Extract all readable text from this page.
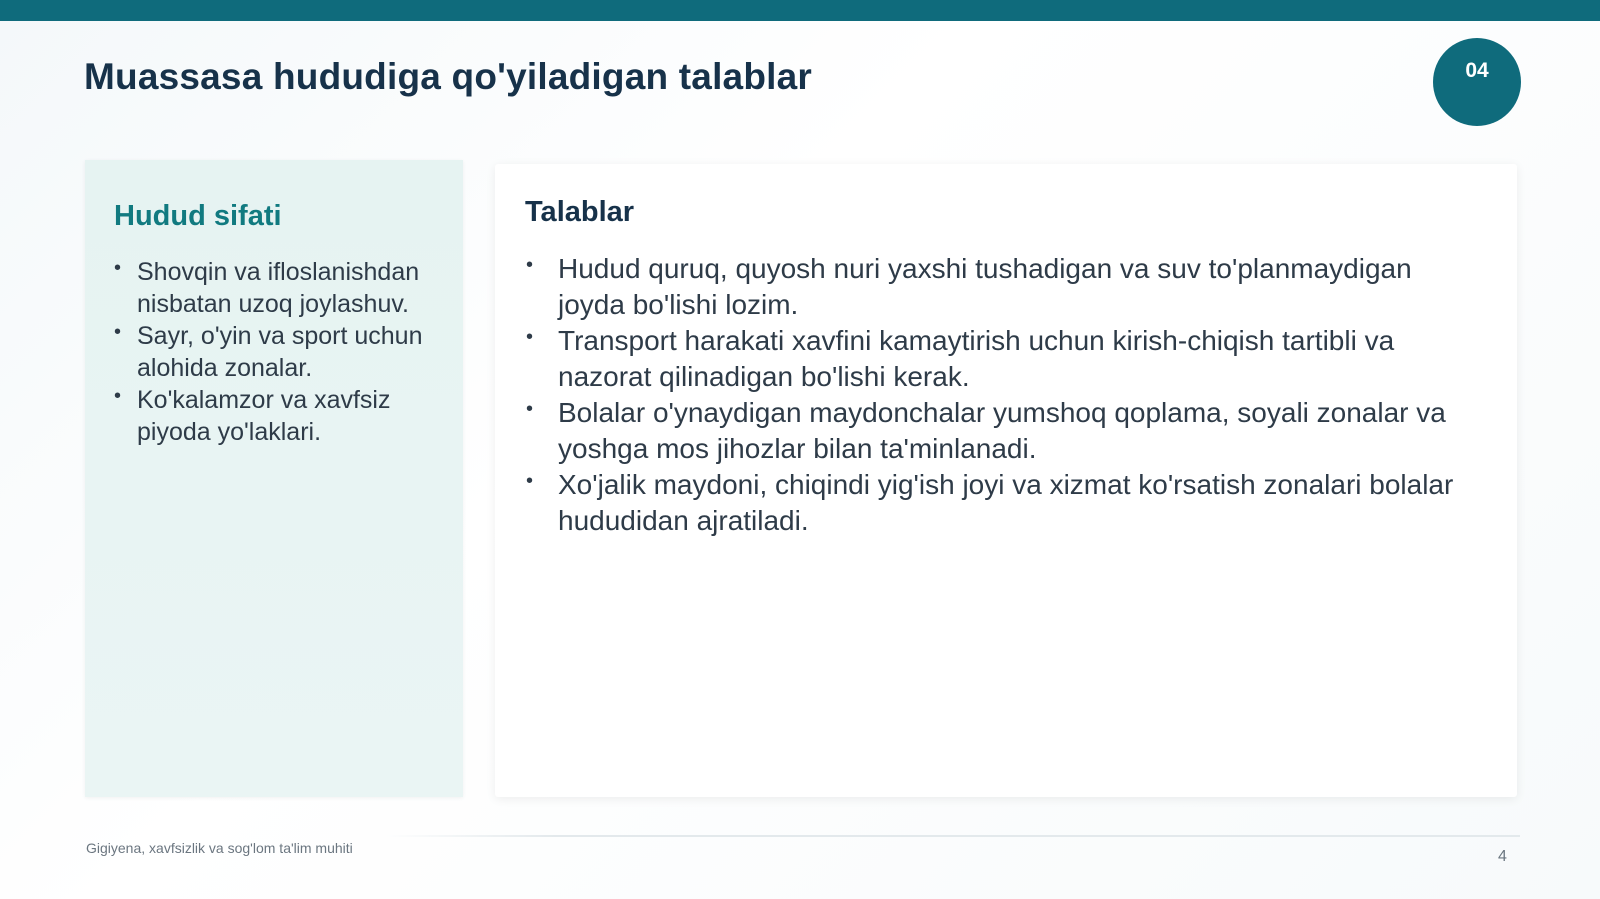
Muassasa hududiga qo'yiladigan talablar	04
Hudud sifati
• Shovqin va ifloslanishdan nisbatan uzoq joylashuv.
• Sayr, o'yin va sport uchun alohida zonalar.
• Ko'kalamzor va xavfsiz piyoda yo'laklari.
Talablar
• Hudud quruq, quyosh nuri yaxshi tushadigan va suv to'planmaydigan joyda bo'lishi lozim.
• Transport harakati xavfini kamaytirish uchun kirish-chiqish tartibli va nazorat qilinadigan bo'lishi kerak.
• Bolalar o'ynaydigan maydonchalar yumshoq qoplama, soyali zonalar va yoshga mos jihozlar bilan ta'minlanadi.
• Xo'jalik maydoni, chiqindi yig'ish joyi va xizmat ko'rsatish zonalari bolalar hududidan ajratiladi.
Gigiyena, xavfsizlik va sog'lom ta'lim muhiti	4
